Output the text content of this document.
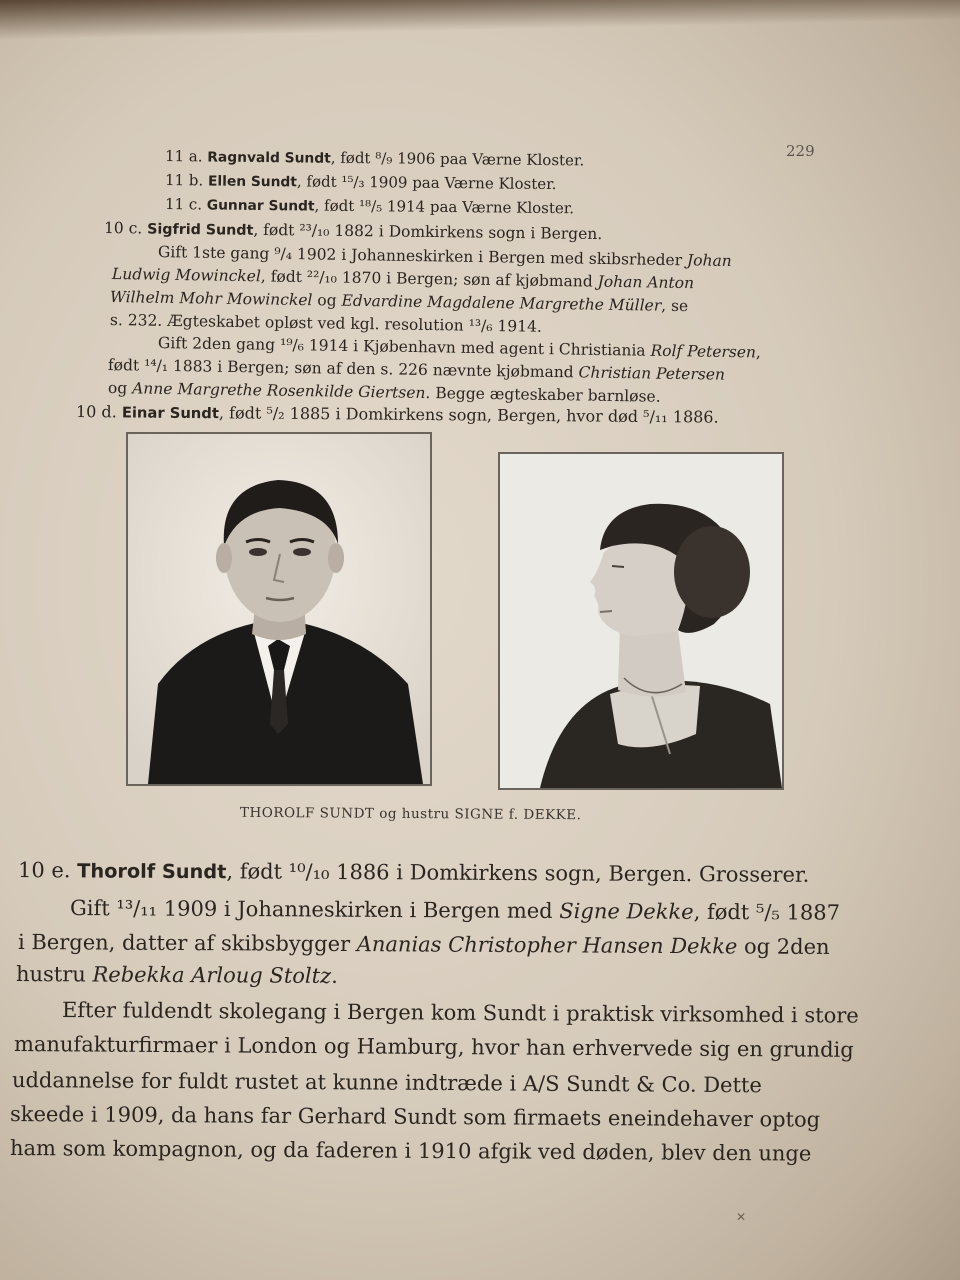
229
11 a. Ragnvald Sundt, født ⁸/₉ 1906 paa Værne Kloster.
11 b. Ellen Sundt, født ¹⁵/₃ 1909 paa Værne Kloster.
11 c. Gunnar Sundt, født ¹⁸/₅ 1914 paa Værne Kloster.
10 c. Sigfrid Sundt, født ²³/₁₀ 1882 i Domkirkens sogn i Bergen.
Gift 1ste gang ⁹/₄ 1902 i Johanneskirken i Bergen med skibsrheder Johan
Ludwig Mowinckel, født ²²/₁₀ 1870 i Bergen; søn af kjøbmand Johan Anton
Wilhelm Mohr Mowinckel og Edvardine Magdalene Margrethe Müller, se
s. 232. Ægteskabet opløst ved kgl. resolution ¹³/₆ 1914.
Gift 2den gang ¹⁹/₆ 1914 i Kjøbenhavn med agent i Christiania Rolf Petersen,
født ¹⁴/₁ 1883 i Bergen; søn af den s. 226 nævnte kjøbmand Christian Petersen
og Anne Margrethe Rosenkilde Giertsen. Begge ægteskaber barnløse.
10 d. Einar Sundt, født ⁵/₂ 1885 i Domkirkens sogn, Bergen, hvor død ⁵/₁₁ 1886.
THOROLF SUNDT og hustru SIGNE f. DEKKE.
10 e. Thorolf Sundt, født ¹⁰/₁₀ 1886 i Domkirkens sogn, Bergen. Grosserer.
Gift ¹³/₁₁ 1909 i Johanneskirken i Bergen med Signe Dekke, født ⁵/₅ 1887
i Bergen, datter af skibsbygger Ananias Christopher Hansen Dekke og 2den
hustru Rebekka Arloug Stoltz.
Efter fuldendt skolegang i Bergen kom Sundt i praktisk virksomhed i store
manufakturfirmaer i London og Hamburg, hvor han erhvervede sig en grundig
uddannelse for fuldt rustet at kunne indtræde i A/S Sundt & Co. Dette
skeede i 1909, da hans far Gerhard Sundt som firmaets eneindehaver optog
ham som kompagnon, og da faderen i 1910 afgik ved døden, blev den unge
✕
